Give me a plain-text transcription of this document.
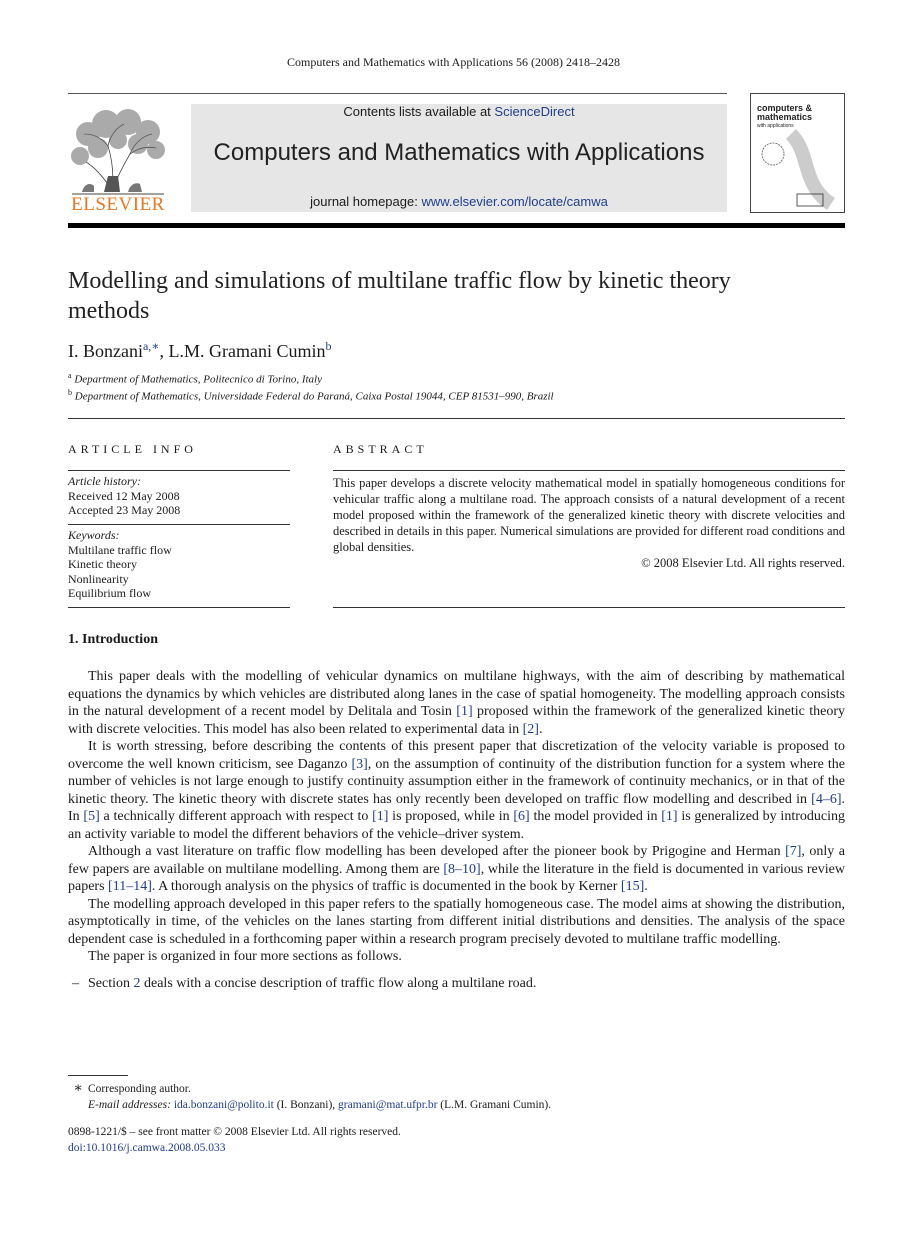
Computers and Mathematics with Applications 56 (2008) 2418–2428
Contents lists available at ScienceDirect
Computers and Mathematics with Applications
journal homepage: www.elsevier.com/locate/camwa
ELSEVIER
computers &
mathematics
with applications
Modelling and simulations of multilane traffic flow by kinetic theory methods
I. Bonzani$^{a,∗}$, L.M. Gramani Cumin$^b$
$^a$ Department of Mathematics, Politecnico di Torino, Italy
$^b$ Department of Mathematics, Universidade Federal do Paraná, Caixa Postal 19044, CEP 81531–990, Brazil
ARTICLE INFO
Article history:
Received 12 May 2008
Accepted 23 May 2008
Keywords:
Multilane traffic flow
Kinetic theory
Nonlinearity
Equilibrium flow
ABSTRACT
This paper develops a discrete velocity mathematical model in spatially homogeneous conditions for vehicular traffic along a multilane road. The approach consists of a natural development of a recent model proposed within the framework of the generalized kinetic theory with discrete velocities and described in details in this paper. Numerical simulations are provided for different road conditions and global densities.
© 2008 Elsevier Ltd. All rights reserved.
1. Introduction

This paper deals with the modelling of vehicular dynamics on multilane highways, with the aim of describing by mathematical equations the dynamics by which vehicles are distributed along lanes in the case of spatial homogeneity. The modelling approach consists in the natural development of a recent model by Delitala and Tosin [1] proposed within the framework of the generalized kinetic theory with discrete velocities. This model has also been related to experimental data in [2].

It is worth stressing, before describing the contents of this present paper that discretization of the velocity variable is proposed to overcome the well known criticism, see Daganzo [3], on the assumption of continuity of the distribution function for a system where the number of vehicles is not large enough to justify continuity assumption either in the framework of continuity mechanics, or in that of the kinetic theory. The kinetic theory with discrete states has only recently been developed on traffic flow modelling and described in [4–6]. In [5] a technically different approach with respect to [1] is proposed, while in [6] the model provided in [1] is generalized by introducing an activity variable to model the different behaviors of the vehicle–driver system.

Although a vast literature on traffic flow modelling has been developed after the pioneer book by Prigogine and Herman [7], only a few papers are available on multilane modelling. Among them are [8–10], while the literature in the field is documented in various review papers [11–14]. A thorough analysis on the physics of traffic is documented in the book by Kerner [15].

The modelling approach developed in this paper refers to the spatially homogeneous case. The model aims at showing the distribution, asymptotically in time, of the vehicles on the lanes starting from different initial distributions and densities. The analysis of the space dependent case is scheduled in a forthcoming paper within a research program precisely devoted to multilane traffic modelling.

The paper is organized in four more sections as follows.

– Section 2 deals with a concise description of traffic flow along a multilane road.

∗ Corresponding author.
E-mail addresses: ida.bonzani@polito.it (I. Bonzani), gramani@mat.ufpr.br (L.M. Gramani Cumin).
0898-1221/$ – see front matter © 2008 Elsevier Ltd. All rights reserved.
doi:10.1016/j.camwa.2008.05.033
